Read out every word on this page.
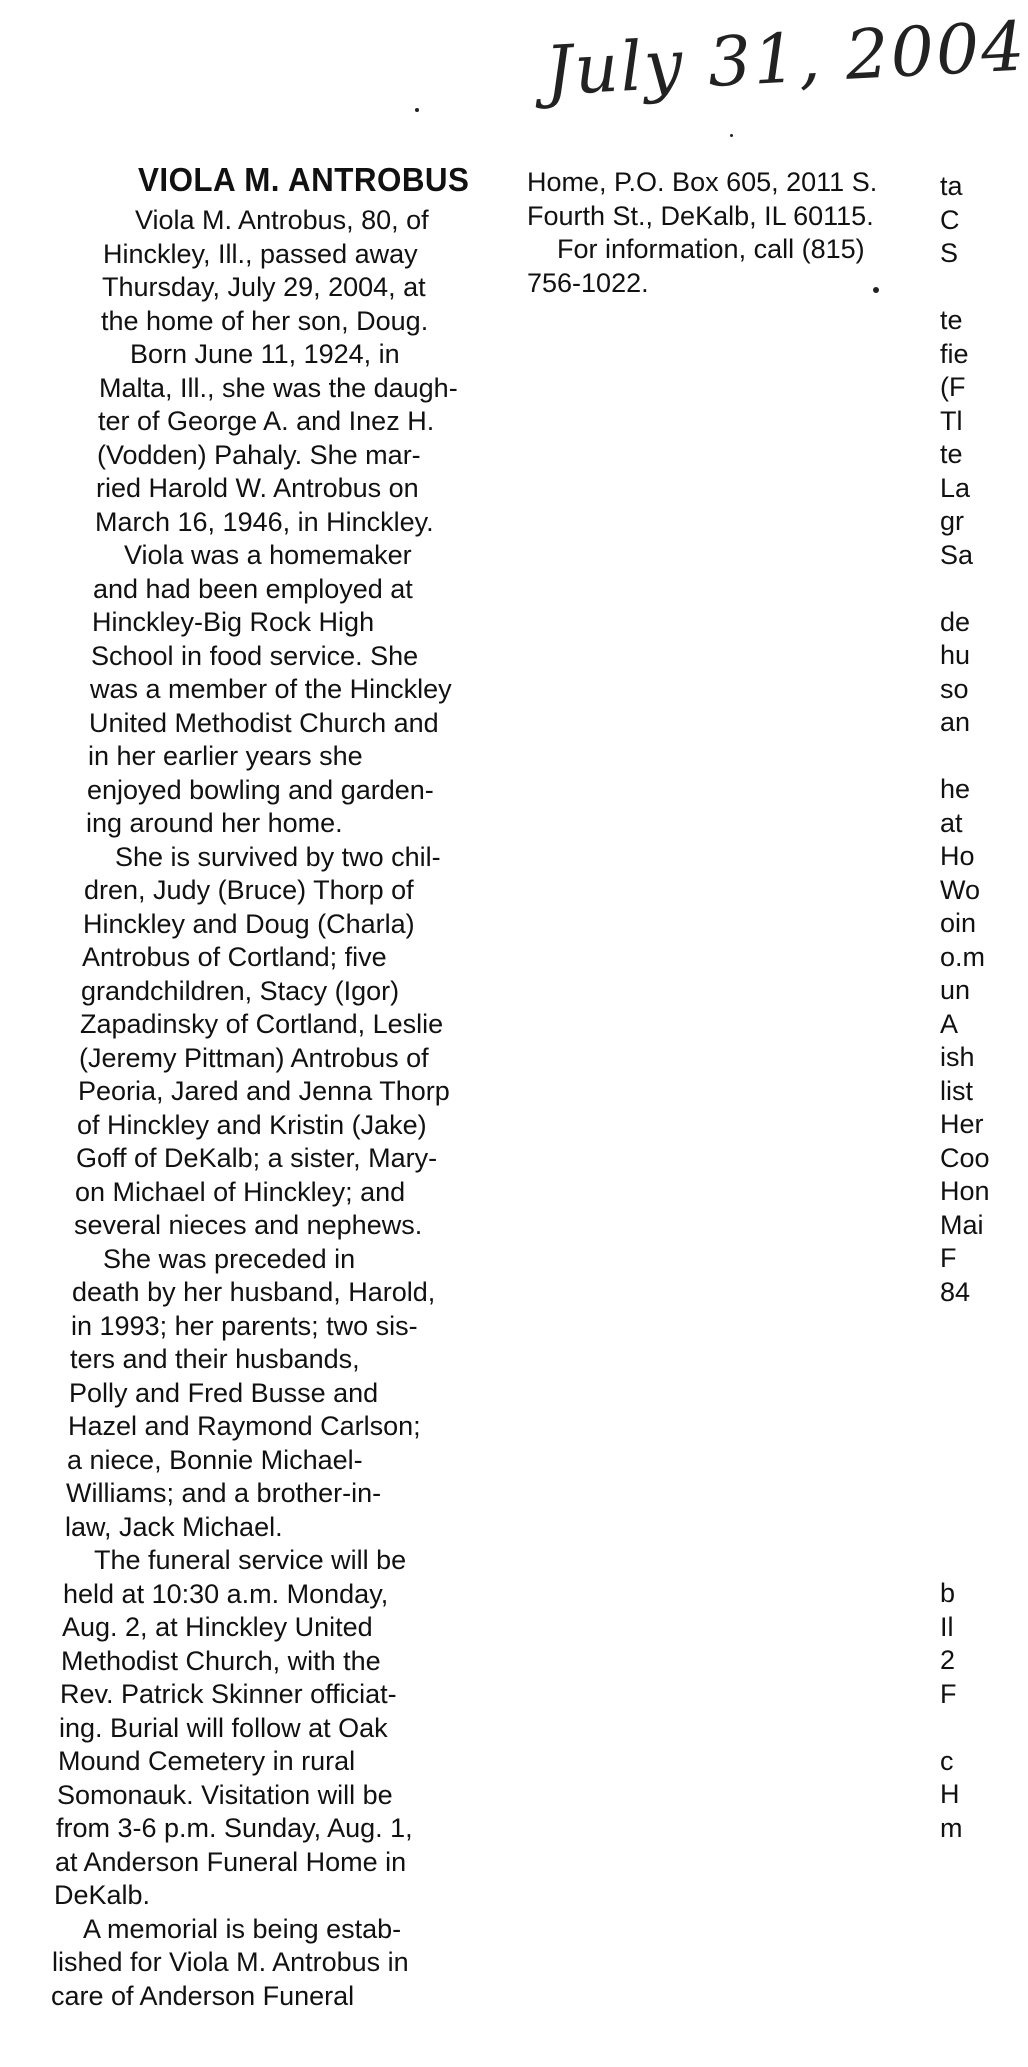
July 31, 2004
VIOLA M. ANTROBUS
Viola M. Antrobus, 80, of
Hinckley, Ill., passed away
Thursday, July 29, 2004, at
the home of her son, Doug.
Born June 11, 1924, in
Malta, Ill., she was the daugh-
ter of George A. and Inez H.
(Vodden) Pahaly. She mar-
ried Harold W. Antrobus on
March 16, 1946, in Hinckley.
Viola was a homemaker
and had been employed at
Hinckley-Big Rock High
School in food service. She
was a member of the Hinckley
United Methodist Church and
in her earlier years she
enjoyed bowling and garden-
ing around her home.
She is survived by two chil-
dren, Judy (Bruce) Thorp of
Hinckley and Doug (Charla)
Antrobus of Cortland; five
grandchildren, Stacy (Igor)
Zapadinsky of Cortland, Leslie
(Jeremy Pittman) Antrobus of
Peoria, Jared and Jenna Thorp
of Hinckley and Kristin (Jake)
Goff of DeKalb; a sister, Mary-
on Michael of Hinckley; and
several nieces and nephews.
She was preceded in
death by her husband, Harold,
in 1993; her parents; two sis-
ters and their husbands,
Polly and Fred Busse and
Hazel and Raymond Carlson;
a niece, Bonnie Michael-
Williams; and a brother-in-
law, Jack Michael.
The funeral service will be
held at 10:30 a.m. Monday,
Aug. 2, at Hinckley United
Methodist Church, with the
Rev. Patrick Skinner officiat-
ing. Burial will follow at Oak
Mound Cemetery in rural
Somonauk. Visitation will be
from 3-6 p.m. Sunday, Aug. 1,
at Anderson Funeral Home in
DeKalb.
A memorial is being estab-
lished for Viola M. Antrobus in
care of Anderson Funeral
Home, P.O. Box 605, 2011 S.
Fourth St., DeKalb, IL 60115.
For information, call (815)
756-1022.
ta
C
S
te
fie
(F
Tl
te
La
gr
Sa
de
hu
so
an
he
at
Ho
Wo
oin
o.m
un
A
ish
list
Her
Coo
Hon
Mai
F
84
b
Il
2
F
c
H
m
